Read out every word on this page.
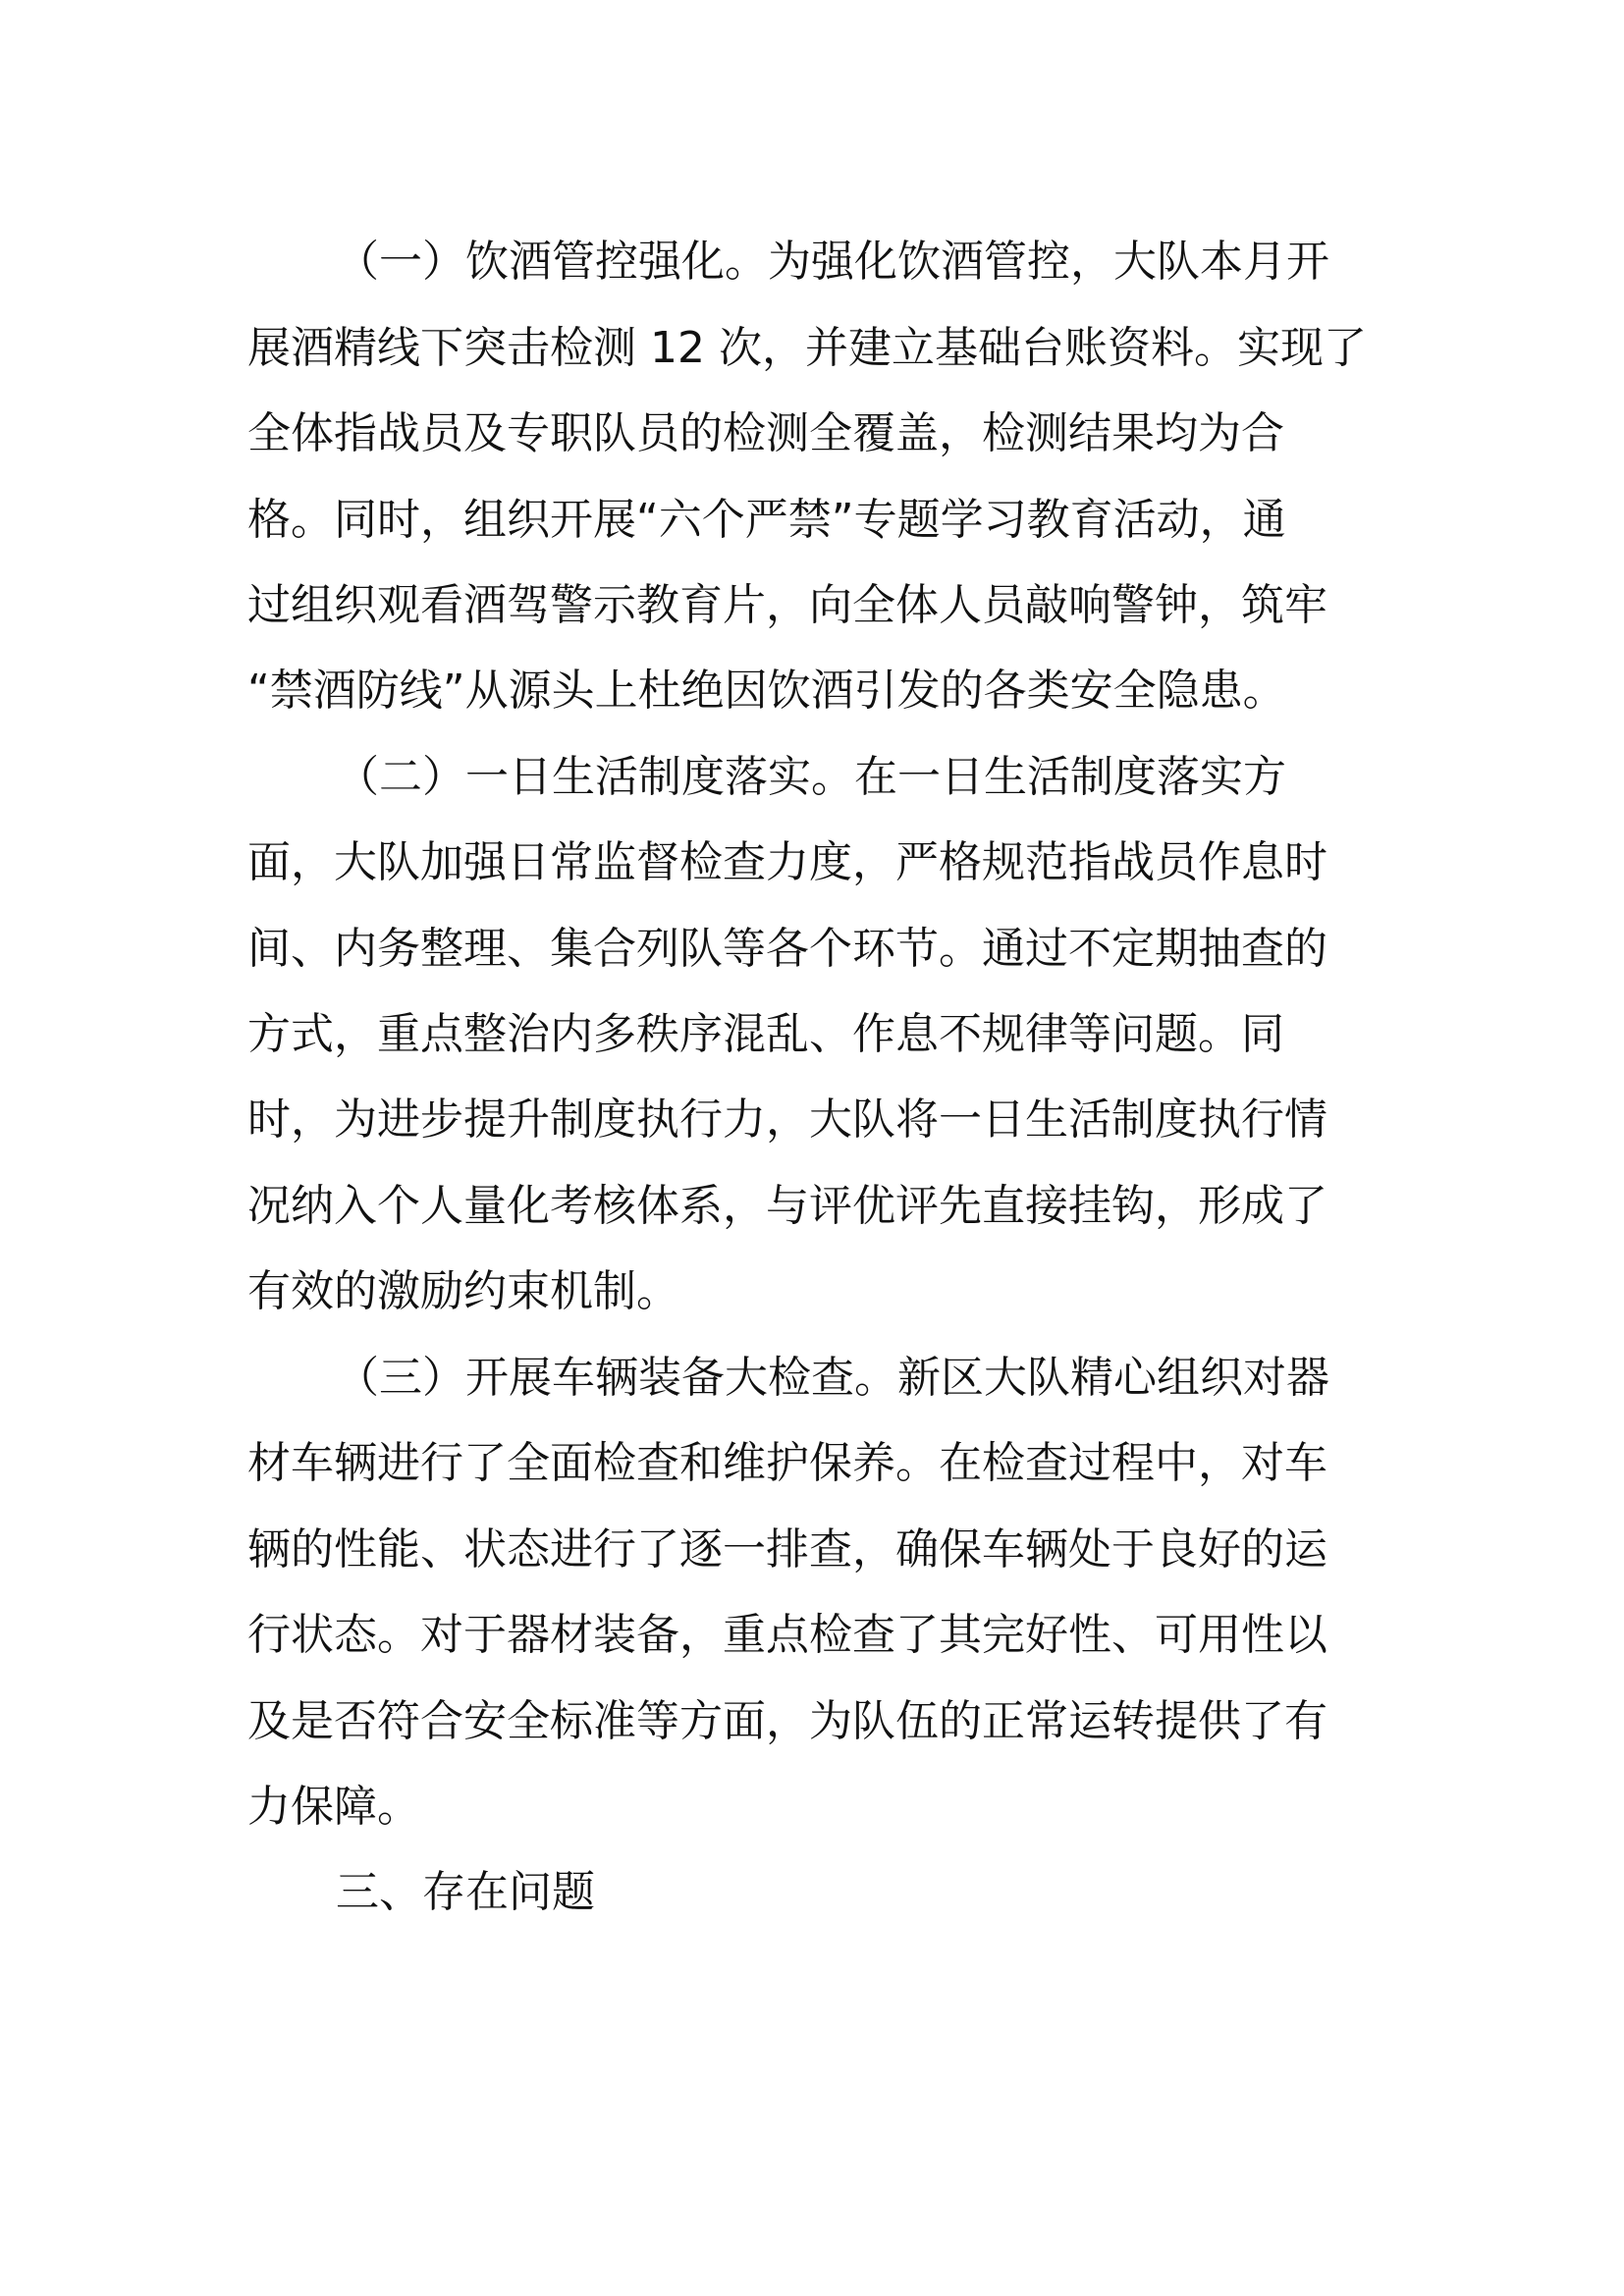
（一）饮酒管控强化。为强化饮酒管控，大队本月开
展酒精线下突击检测 12 次，并建立基础台账资料。实现了
全体指战员及专职队员的检测全覆盖，检测结果均为合
格。同时，组织开展“六个严禁”专题学习教育活动，通
过组织观看酒驾警示教育片，向全体人员敲响警钟，筑牢
“禁酒防线”从源头上杜绝因饮酒引发的各类安全隐患。
（二）一日生活制度落实。在一日生活制度落实方
面，大队加强日常监督检查力度，严格规范指战员作息时
间、内务整理、集合列队等各个环节。通过不定期抽查的
方式，重点整治内多秩序混乱、作息不规律等问题。同
时，为进步提升制度执行力，大队将一日生活制度执行情
况纳入个人量化考核体系，与评优评先直接挂钩，形成了
有效的激励约束机制。
（三）开展车辆装备大检查。新区大队精心组织对器
材车辆进行了全面检查和维护保养。在检查过程中，对车
辆的性能、状态进行了逐一排查，确保车辆处于良好的运
行状态。对于器材装备，重点检查了其完好性、可用性以
及是否符合安全标准等方面，为队伍的正常运转提供了有
力保障。
三、存在问题
